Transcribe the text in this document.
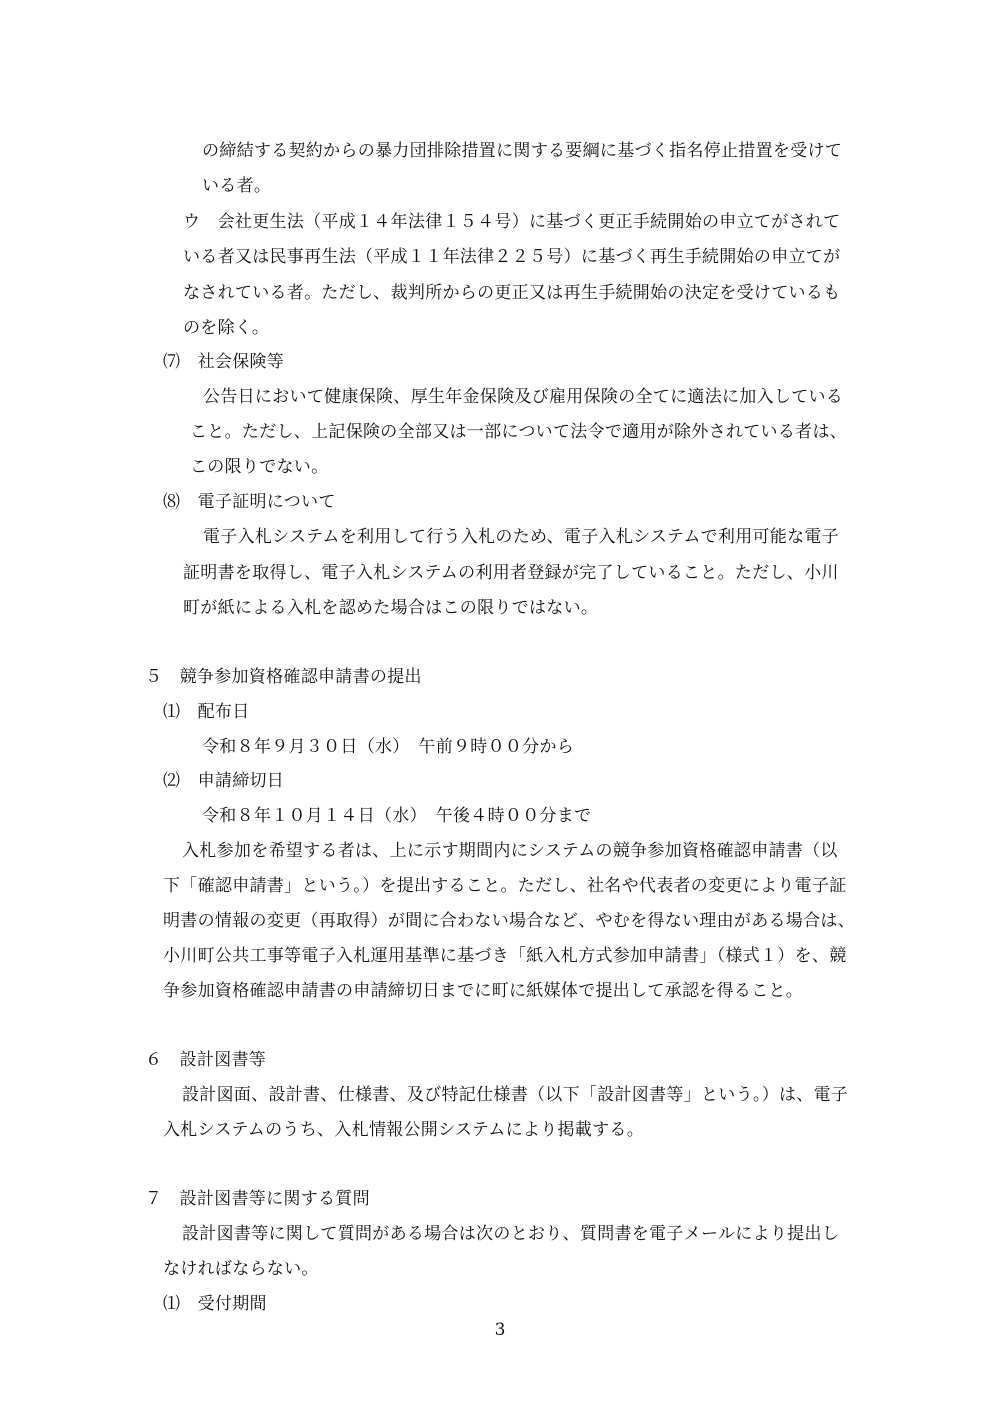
の締結する契約からの暴力団排除措置に関する要綱に基づく指名停止措置を受けて
いる者。
ウ　会社更生法（平成１４年法律１５４号）に基づく更正手続開始の申立てがされて
いる者又は民事再生法（平成１１年法律２２５号）に基づく再生手続開始の申立てが
なされている者。ただし、裁判所からの更正又は再生手続開始の決定を受けているも
のを除く。
⑺　社会保険等
公告日において健康保険、厚生年金保険及び雇用保険の全てに適法に加入している
こと。ただし、上記保険の全部又は一部について法令で適用が除外されている者は、
この限りでない。
⑻　電子証明について
電子入札システムを利用して行う入札のため、電子入札システムで利用可能な電子
証明書を取得し、電子入札システムの利用者登録が完了していること。ただし、小川
町が紙による入札を認めた場合はこの限りではない。
５　競争参加資格確認申請書の提出
⑴　配布日
令和８年９月３０日（水）　午前９時００分から
⑵　申請締切日
令和８年１０月１４日（水）　午後４時００分まで
入札参加を希望する者は、上に示す期間内にシステムの競争参加資格確認申請書（以
下「確認申請書」という。）を提出すること。ただし、社名や代表者の変更により電子証
明書の情報の変更（再取得）が間に合わない場合など、やむを得ない理由がある場合は、
小川町公共工事等電子入札運用基準に基づき「紙入札方式参加申請書」（様式１）を、競
争参加資格確認申請書の申請締切日までに町に紙媒体で提出して承認を得ること。
６　設計図書等
設計図面、設計書、仕様書、及び特記仕様書（以下「設計図書等」という。）は、電子
入札システムのうち、入札情報公開システムにより掲載する。
７　設計図書等に関する質問
設計図書等に関して質問がある場合は次のとおり、質問書を電子メールにより提出し
なければならない。
⑴　受付期間
3
